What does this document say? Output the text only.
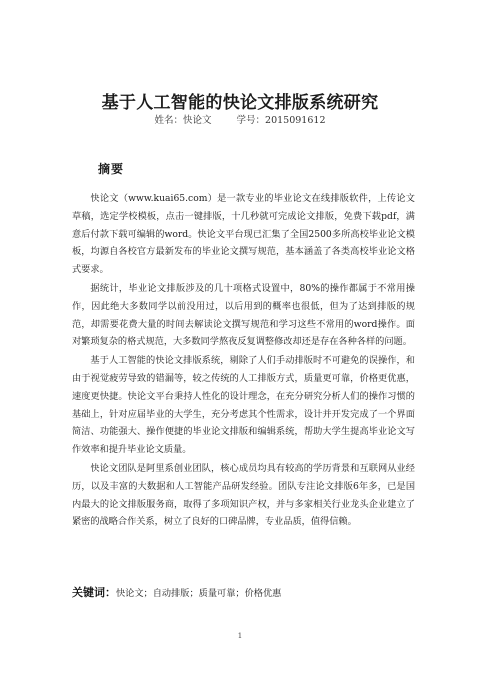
基于人工智能的快论文排版系统研究
姓名：快论文	学号：2015091612
摘要

快论文（www.kuai65.com）是一款专业的毕业论文在线排版软件，上传论文草稿，选定学校模板，点击一键排版，十几秒就可完成论文排版，免费下载pdf，满意后付款下载可编辑的word。快论文平台现已汇集了全国2500多所高校毕业论文模板，均源自各校官方最新发布的毕业论文撰写规范，基本涵盖了各类高校毕业论文格式要求。

据统计，毕业论文排版涉及的几十项格式设置中，80%的操作都属于不常用操作，因此绝大多数同学以前没用过，以后用到的概率也很低，但为了达到排版的规范，却需要花费大量的时间去解读论文撰写规范和学习这些不常用的word操作。面对繁琐复杂的格式规范，大多数同学熬夜反复调整修改却还是存在各种各样的问题。

基于人工智能的快论文排版系统，剔除了人们手动排版时不可避免的误操作，和由于视觉疲劳导致的错漏等，较之传统的人工排版方式，质量更可靠，价格更优惠，速度更快捷。快论文平台秉持人性化的设计理念，在充分研究分析人们的操作习惯的基础上，针对应届毕业的大学生，充分考虑其个性需求，设计并开发完成了一个界面简洁、功能强大、操作便捷的毕业论文排版和编辑系统，帮助大学生提高毕业论文写作效率和提升毕业论文质量。

快论文团队是阿里系创业团队，核心成员均具有较高的学历背景和互联网从业经历，以及丰富的大数据和人工智能产品研发经验。团队专注论文排版6年多，已是国内最大的论文排版服务商，取得了多项知识产权，并与多家相关行业龙头企业建立了紧密的战略合作关系，树立了良好的口碑品牌，专业品质，值得信赖。

关键词：快论文；自动排版；质量可靠；价格优惠
1
